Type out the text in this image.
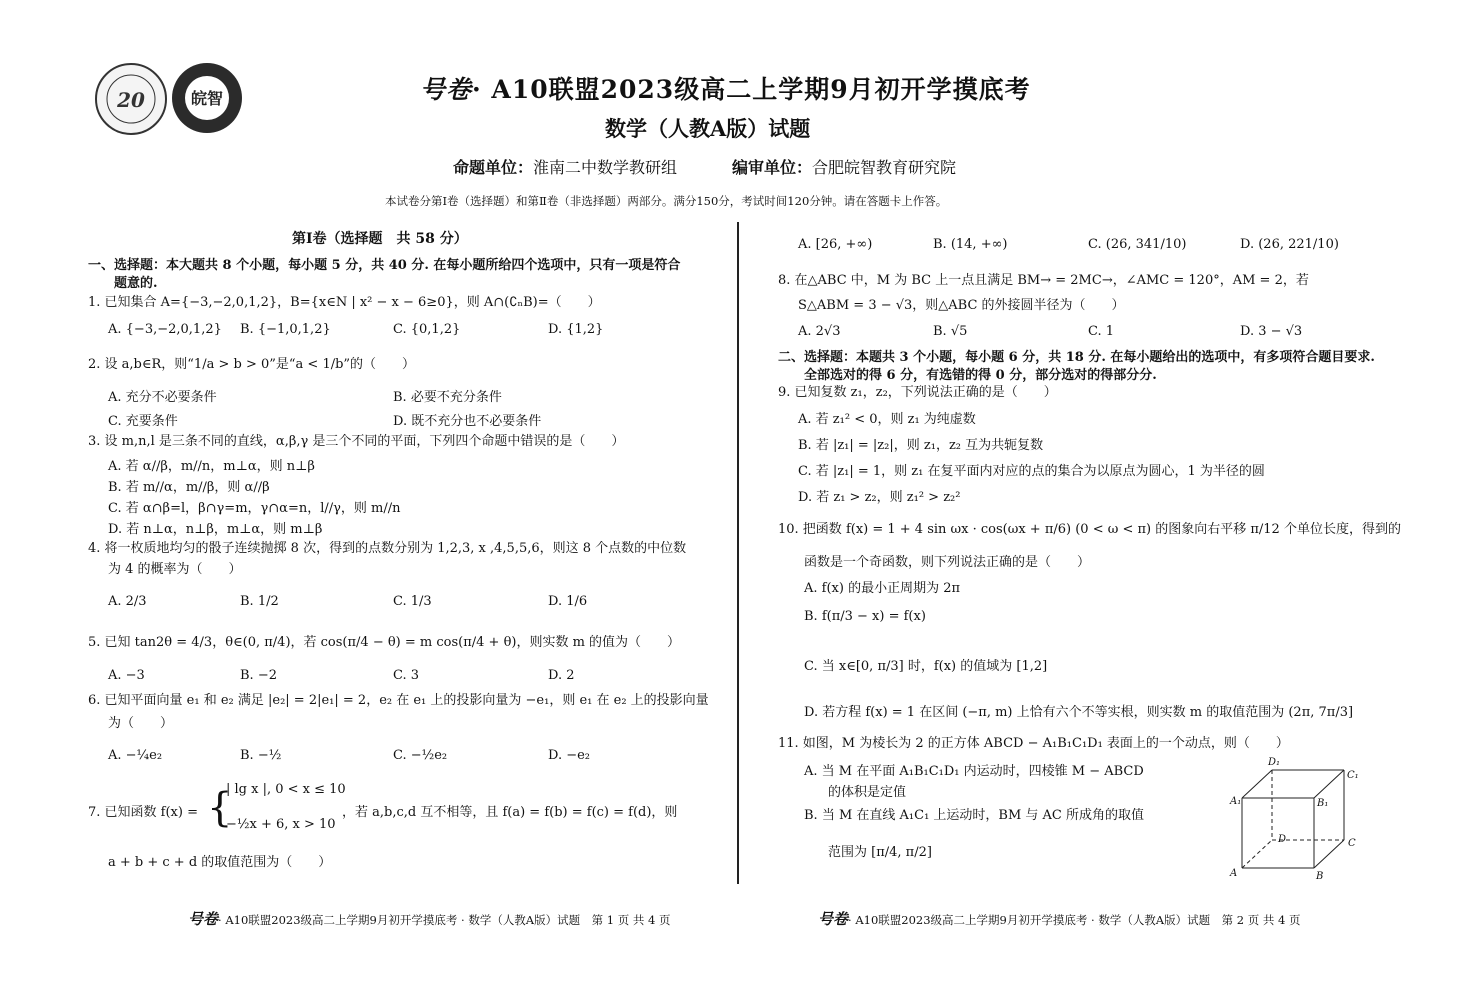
20	皖智	号卷· A10联盟2023级高二上学期9月初开学摸底考
数学（人教A版）试题
命题单位：淮南二中数学教研组	编审单位：合肥皖智教育研究院
本试卷分第Ⅰ卷（选择题）和第Ⅱ卷（非选择题）两部分。满分150分，考试时间120分钟。请在答题卡上作答。
第Ⅰ卷（选择题　共 58 分）
一、选择题：本大题共 8 个小题，每小题 5 分，共 40 分. 在每小题所给四个选项中，只有一项是符合
题意的.
1. 已知集合 A={−3,−2,0,1,2}，B={x∈N | x² − x − 6≥0}，则 A∩(∁ₙB)=（　　）
A. {−3,−2,0,1,2} B. {−1,0,1,2}	C. {0,1,2}	D. {1,2}
2. 设 a,b∈R，则“1/a > b > 0”是“a < 1/b”的（　　）
A. 充分不必要条件	B. 必要不充分条件
C. 充要条件	D. 既不充分也不必要条件
3. 设 m,n,l 是三条不同的直线，α,β,γ 是三个不同的平面，下列四个命题中错误的是（　　）
A. 若 α//β，m//n，m⊥α，则 n⊥β
B. 若 m//α，m//β，则 α//β
C. 若 α∩β=l，β∩γ=m，γ∩α=n，l//γ，则 m//n
D. 若 n⊥α，n⊥β，m⊥α，则 m⊥β
4. 将一枚质地均匀的骰子连续抛掷 8 次，得到的点数分别为 1,2,3, x ,4,5,5,6，则这 8 个点数的中位数
为 4 的概率为（　　）
A. 2/3	B. 1/2	C. 1/3	D. 1/6
5. 已知 tan2θ = 4/3，θ∈(0, π/4)，若 cos(π/4 − θ) = m cos(π/4 + θ)，则实数 m 的值为（　　）
A. −3	B. −2	C. 3	D. 2
6. 已知平面向量 e₁ 和 e₂ 满足 |e₂| = 2|e₁| = 2，e₂ 在 e₁ 上的投影向量为 −e₁，则 e₁ 在 e₂ 上的投影向量
为（　　）
A. −¼e₂	B. −½	C. −½e₂	D. −e₂
7. 已知函数 f(x) = {
| lg x |, 0 < x ≤ 10
−½x + 6, x > 10
，若 a,b,c,d 互不相等，且 f(a) = f(b) = f(c) = f(d)，则
a + b + c + d 的取值范围为（　　）
A. [26, +∞)	B. (14, +∞)	C. (26, 341/10)	D. (26, 221/10)
8. 在△ABC 中，M 为 BC 上一点且满足 BM→ = 2MC→，∠AMC = 120°，AM = 2，若
S△ABM = 3 − √3，则△ABC 的外接圆半径为（　　）
A. 2√3	B. √5	C. 1	D. 3 − √3
二、选择题：本题共 3 个小题，每小题 6 分，共 18 分. 在每小题给出的选项中，有多项符合题目要求.
全部选对的得 6 分，有选错的得 0 分，部分选对的得部分分.
9. 已知复数 z₁，z₂，下列说法正确的是（　　）
A. 若 z₁² < 0，则 z₁ 为纯虚数
B. 若 |z₁| = |z₂|，则 z₁，z₂ 互为共轭复数
C. 若 |z₁| = 1，则 z₁ 在复平面内对应的点的集合为以原点为圆心，1 为半径的圆
D. 若 z₁ > z₂，则 z₁² > z₂²
10. 把函数 f(x) = 1 + 4 sin ωx · cos(ωx + π/6) (0 < ω < π) 的图象向右平移 π/12 个单位长度，得到的
函数是一个奇函数，则下列说法正确的是（　　）
A. f(x) 的最小正周期为 2π
B. f(π/3 − x) = f(x)
C. 当 x∈[0, π/3] 时，f(x) 的值域为 [1,2]
D. 若方程 f(x) = 1 在区间 (−π, m) 上恰有六个不等实根，则实数 m 的取值范围为 (2π, 7π/3]
11. 如图，M 为棱长为 2 的正方体 ABCD − A₁B₁C₁D₁ 表面上的一个动点，则（　　）
A. 当 M 在平面 A₁B₁C₁D₁ 内运动时，四棱锥 M − ABCD
的体积是定值
B. 当 M 在直线 A₁C₁ 上运动时，BM 与 AC 所成角的取值
范围为 [π/4, π/2]
D₁
C₁
A₁	B₁
D	C
A	B
号卷· A10联盟2023级高二上学期9月初开学摸底考 · 数学（人教A版）试题　第 1 页 共 4 页	号卷· A10联盟2023级高二上学期9月初开学摸底考 · 数学（人教A版）试题　第 2 页 共 4 页
